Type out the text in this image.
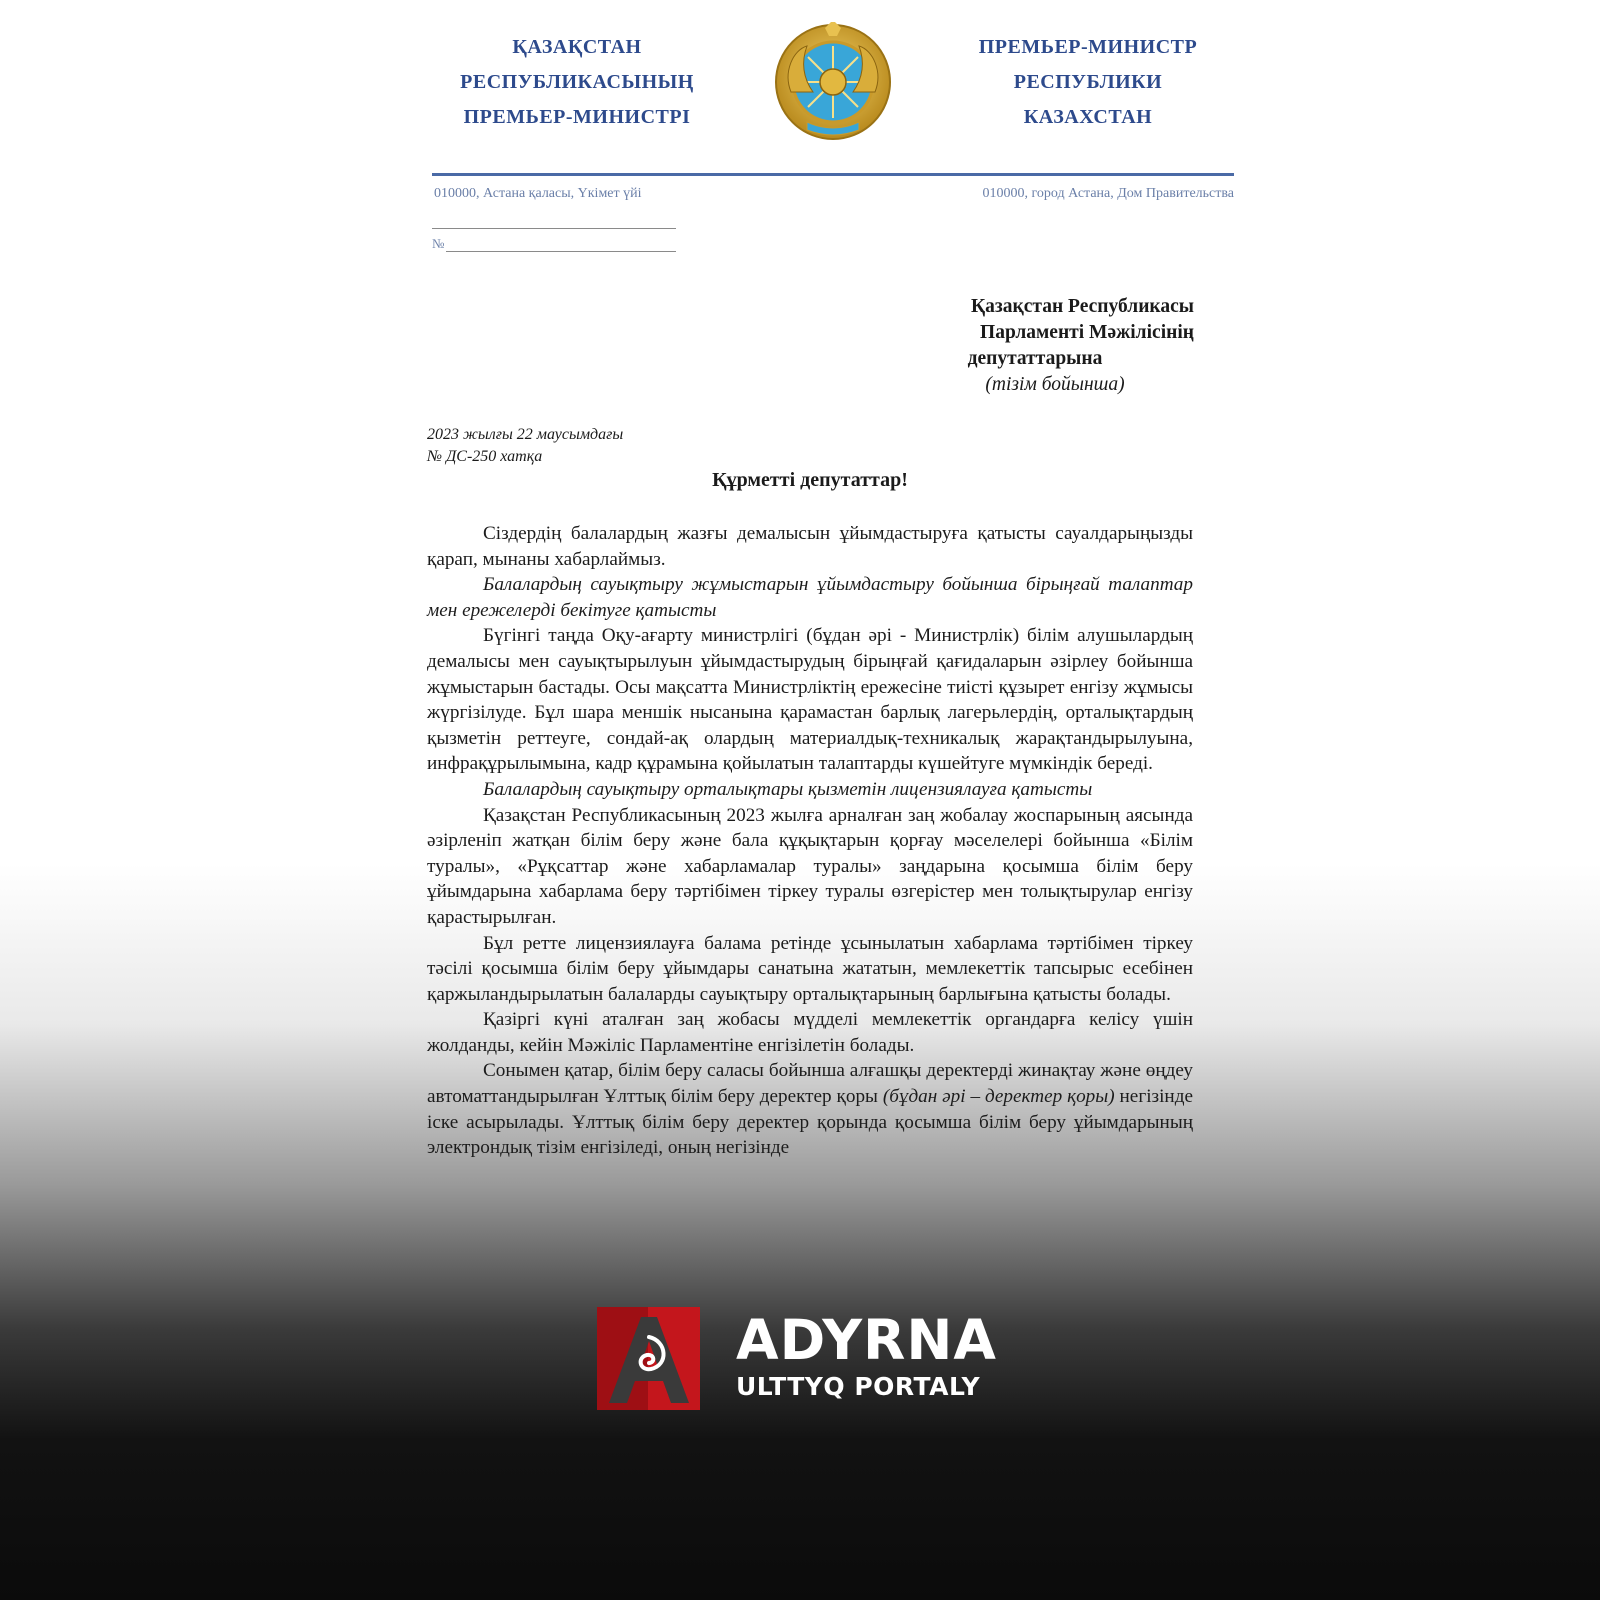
ҚАЗАҚСТАН
РЕСПУБЛИКАСЫНЫҢ
ПРЕМЬЕР-МИНИСТРІ
ПРЕМЬЕР-МИНИСТР
РЕСПУБЛИКИ
КАЗАХСТАН
010000, Астана қаласы, Үкімет үйі	010000, город Астана, Дом Правительства
№
Қазақстан Республикасы
Парламенті Мәжілісінің
депутаттарына
(тізім бойынша)
2023 жылғы 22 маусымдағы
№ ДС-250 хатқа
Құрметті депутаттар!

Сіздердің балалардың жазғы демалысын ұйымдастыруға қатысты сауалдарыңызды қарап, мынаны хабарлаймыз.

Балалардың сауықтыру жұмыстарын ұйымдастыру бойынша бірыңғай талаптар мен ережелерді бекітуге қатысты

Бүгінгі таңда Оқу-ағарту министрлігі (бұдан әрі - Министрлік) білім алушылардың демалысы мен сауықтырылуын ұйымдастырудың бірыңғай қағидаларын әзірлеу бойынша жұмыстарын бастады. Осы мақсатта Министрліктің ережесіне тиісті құзырет енгізу жұмысы жүргізілуде. Бұл шара меншік нысанына қарамастан барлық лагерьлердің, орталықтардың қызметін реттеуге, сондай-ақ олардың материалдық-техникалық жарақтандырылуына, инфрақұрылымына, кадр құрамына қойылатын талаптарды күшейтуге мүмкіндік береді.

Балалардың сауықтыру орталықтары қызметін лицензиялауға қатысты

Қазақстан Республикасының 2023 жылға арналған заң жобалау жоспарының аясында әзірленіп жатқан білім беру және бала құқықтарын қорғау мәселелері бойынша «Білім туралы», «Рұқсаттар және хабарламалар туралы» заңдарына қосымша білім беру ұйымдарына хабарлама беру тәртібімен тіркеу туралы өзгерістер мен толықтырулар енгізу қарастырылған.

Бұл ретте лицензиялауға балама ретінде ұсынылатын хабарлама тәртібімен тіркеу тәсілі қосымша білім беру ұйымдары санатына жататын, мемлекеттік тапсырыс есебінен қаржыландырылатын балаларды сауықтыру орталықтарының барлығына қатысты болады.

Қазіргі күні аталған заң жобасы мүдделі мемлекеттік органдарға келісу үшін жолданды, кейін Мәжіліс Парламентіне енгізілетін болады.

Сонымен қатар, білім беру саласы бойынша алғашқы деректерді жинақтау және өңдеу автоматтандырылған Ұлттық білім беру деректер қоры (бұдан әрі – деректер қоры) негізінде іске асырылады. Ұлттық білім беру деректер қорында қосымша білім беру ұйымдарының электрондық тізім енгізіледі, оның негізінде

ADYRNA
ULTTYQ PORTALY
